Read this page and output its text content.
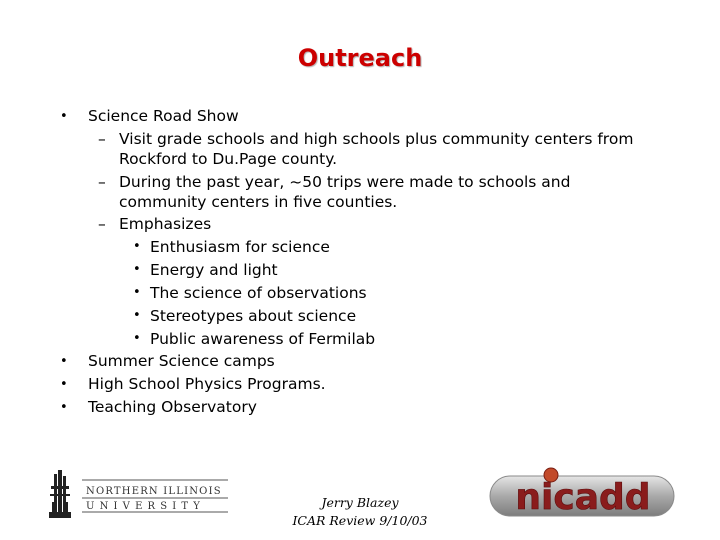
Outreach
• Science Road Show
– Visit grade schools and high schools plus community centers from
Rockford to Du.Page county.
– During the past year, ~50 trips were made to schools and
community centers in five counties.
– Emphasizes
• Enthusiasm for science
• Energy and light
• The science of observations
• Stereotypes about science
• Public awareness of Fermilab
• Summer Science camps
• High School Physics Programs.
• Teaching Observatory
NORTHERN ILLINOIS
U N I V E R S I T Y	Jerry Blazey
ICAR Review 9/10/03
nicadd
